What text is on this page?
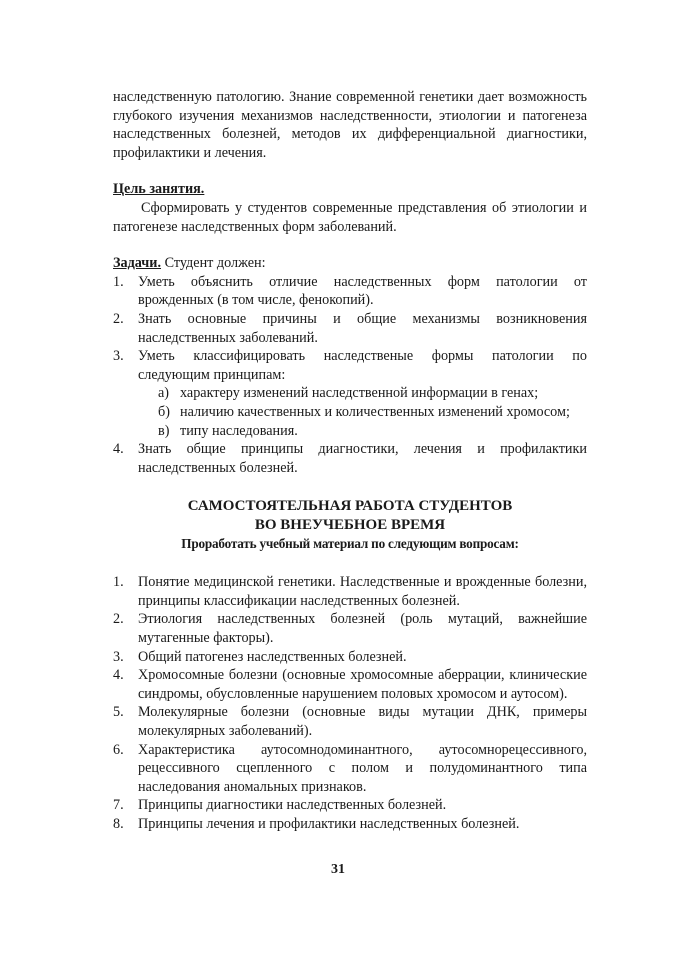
наследственную патологию. Знание современной генетики дает возможность глубокого изучения механизмов наследственности, этиологии и патогенеза наследственных болезней, методов их дифференциальной диагностики, профилактики и лечения.

Цель занятия.

Сформировать у студентов современные представления об этиологии и патогенезе наследственных форм заболеваний.

Задачи. Студент должен:

1. Уметь объяснить отличие наследственных форм патологии от врожденных (в том числе, фенокопий).
2. Знать основные причины и общие механизмы возникновения наследственных заболеваний.
3. Уметь классифицировать наследственые формы патологии по следующим принципам:
а) характеру изменений наследственной информации в генах;
б) наличию качественных и количественных изменений хромосом;
в) типу наследования.
4. Знать общие принципы диагностики, лечения и профилактики наследственных болезней.
САМОСТОЯТЕЛЬНАЯ РАБОТА СТУДЕНТОВ
ВО ВНЕУЧЕБНОЕ ВРЕМЯ
Проработать учебный материал по следующим вопросам:
1. Понятие медицинской генетики. Наследственные и врожденные болезни, принципы классификации наследственных болезней.
2. Этиология наследственных болезней (роль мутаций, важнейшие мутагенные факторы).
3. Общий патогенез наследственных болезней.
4. Хромосомные болезни (основные хромосомные аберрации, клинические синдромы, обусловленные нарушением половых хромосом и аутосом).
5. Молекулярные болезни (основные виды мутации ДНК, примеры молекулярных заболеваний).
6. Характеристика аутосомнодоминантного, аутосомнорецессивного, рецессивного сцепленного с полом и полудоминантного типа наследования аномальных признаков.
7. Принципы диагностики наследственных болезней.
8. Принципы лечения и профилактики наследственных болезней.
31
